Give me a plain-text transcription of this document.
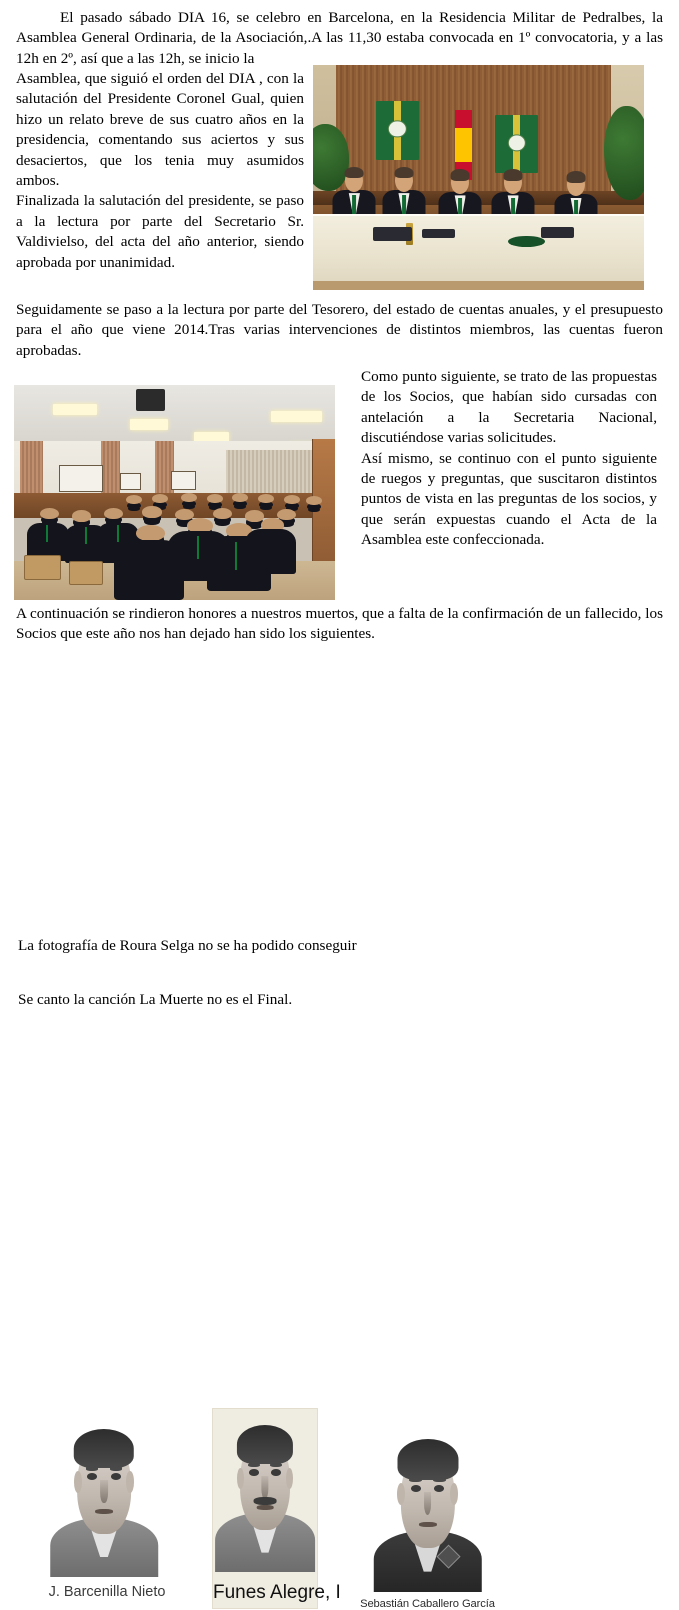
El pasado sábado DIA 16, se celebro en Barcelona, en la Residencia Militar de Pedralbes, la Asamblea General Ordinaria, de la Asociación,.A las 11,30 estaba convocada en 1º convocatoria, y a las 12h en 2º, así que a las 12h, se inicio la

Asamblea, que siguió el orden del DIA , con la salutación del Presidente Coronel Gual, quien hizo un relato breve de sus cuatro años en la presidencia, comentando sus aciertos y sus desaciertos, que los tenia muy asumidos ambos.

Finalizada la salutación del presidente, se paso a la lectura por parte del Secretario Sr. Valdivielso, del acta del año anterior, siendo aprobada por unanimidad.

Seguidamente se paso a la lectura por parte del Tesorero, del estado de cuentas anuales, y el presupuesto para el año que viene 2014.Tras varias intervenciones de distintos miembros, las cuentas fueron aprobadas.

Como punto siguiente, se trato de las propuestas de los Socios, que habían sido cursadas con antelación a la Secretaria Nacional, discutiéndose varias solicitudes.

Así mismo, se continuo con el punto siguiente de ruegos y preguntas, que suscitaron distintos puntos de vista en las preguntas de los socios, y que serán expuestas cuando el Acta de la Asamblea este confeccionada.

A continuación se rindieron honores a nuestros muertos, que a falta de la confirmación de un fallecido, los Socios que este año nos han dejado han sido los siguientes.

J. Barcenilla Nieto	Funes Alegre, I
Sebastián Caballero García
La fotografía de Roura Selga no se ha podido conseguir
Se canto la canción La Muerte no es el Final.
